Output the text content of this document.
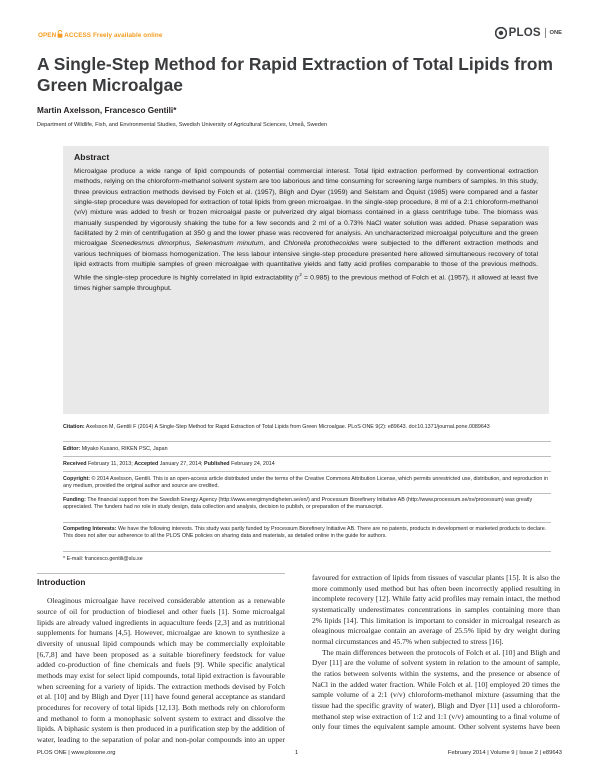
OPEN ACCESS Freely available online	PLOS ONE
A Single-Step Method for Rapid Extraction of Total Lipids from Green Microalgae
Martin Axelsson, Francesco Gentili*
Department of Wildlife, Fish, and Environmental Studies, Swedish University of Agricultural Sciences, Umeå, Sweden
Abstract

Microalgae produce a wide range of lipid compounds of potential commercial interest. Total lipid extraction performed by conventional extraction methods, relying on the chloroform-methanol solvent system are too laborious and time consuming for screening large numbers of samples. In this study, three previous extraction methods devised by Folch et al. (1957), Bligh and Dyer (1959) and Selstam and Öquist (1985) were compared and a faster single-step procedure was developed for extraction of total lipids from green microalgae. In the single-step procedure, 8 ml of a 2:1 chloroform-methanol (v/v) mixture was added to fresh or frozen microalgal paste or pulverized dry algal biomass contained in a glass centrifuge tube. The biomass was manually suspended by vigorously shaking the tube for a few seconds and 2 ml of a 0.73% NaCl water solution was added. Phase separation was facilitated by 2 min of centrifugation at 350 g and the lower phase was recovered for analysis. An uncharacterized microalgal polyculture and the green microalgae Scenedesmus dimorphus, Selenastrum minutum, and Chlorella protothecoides were subjected to the different extraction methods and various techniques of biomass homogenization. The less labour intensive single-step procedure presented here allowed simultaneous recovery of total lipid extracts from multiple samples of green microalgae with quantitative yields and fatty acid profiles comparable to those of the previous methods. While the single-step procedure is highly correlated in lipid extractability $(r^2 = 0.985)$ to the previous method of Folch et al. (1957), it allowed at least five times higher sample throughput.

Citation: Axelsson M, Gentili F (2014) A Single-Step Method for Rapid Extraction of Total Lipids from Green Microalgae. PLoS ONE 9(2): e89643. doi:10.1371/journal.pone.0089643

Editor: Miyako Kusano, RIKEN PSC, Japan

Received February 11, 2013; Accepted January 27, 2014; Published February 24, 2014

Copyright: © 2014 Axelsson, Gentili. This is an open-access article distributed under the terms of the Creative Commons Attribution License, which permits unrestricted use, distribution, and reproduction in any medium, provided the original author and source are credited.

Funding: The financial support from the Swedish Energy Agency (http://www.energimyndigheten.se/en/) and Processum Biorefinery Initiative AB (http://www.processum.se/sv/processum) was greatly appreciated. The funders had no role in study design, data collection and analysis, decision to publish, or preparation of the manuscript.

Competing Interests: We have the following interests. This study was partly funded by Processum Biorefinery Initiative AB. There are no patents, products in development or marketed products to declare. This does not alter our adherence to all the PLOS ONE policies on sharing data and materials, as detailed online in the guide for authors.

* E-mail: francesco.gentili@slu.se

Introduction

Oleaginous microalgae have received considerable attention as a renewable source of oil for production of biodiesel and other fuels [1]. Some microalgal lipids are already valued ingredients in aquaculture feeds [2,3] and as nutritional supplements for humans [4,5]. However, microalgae are known to synthesize a diversity of unusual lipid compounds which may be commercially exploitable [6,7,8] and have been proposed as a suitable biorefinery feedstock for value added co-production of fine chemicals and fuels [9]. While specific analytical methods may exist for select lipid compounds, total lipid extraction is favourable when screening for a variety of lipids. The extraction methods devised by Folch et al. [10] and by Bligh and Dyer [11] have found general acceptance as standard procedures for recovery of total lipids [12,13]. Both methods rely on chloroform and methanol to form a monophasic solvent system to extract and dissolve the lipids. A biphasic system is then produced in a purification step by the addition of water, leading to the separation of polar and non-polar compounds into an upper

favoured for extraction of lipids from tissues of vascular plants [15]. It is also the more commonly used method but has often been incorrectly applied resulting in incomplete recovery [12]. While fatty acid profiles may remain intact, the method systematically underestimates concentrations in samples containing more than 2% lipids [14]. This limitation is important to consider in microalgal research as oleaginous microalgae contain an average of 25.5% lipid by dry weight during normal circumstances and 45.7% when subjected to stress [16].

The main differences between the protocols of Folch et al. [10] and Bligh and Dyer [11] are the volume of solvent system in relation to the amount of sample, the ratios between solvents within the systems, and the presence or absence of NaCl in the added water fraction. While Folch et al. [10] employed 20 times the sample volume of a 2:1 (v/v) chloroform-methanol mixture (assuming that the tissue had the specific gravity of water), Bligh and Dyer [11] used a chloroform-methanol step wise extraction of 1:2 and 1:1 (v/v) amounting to a final volume of only four times the equivalent sample amount. Other solvent systems have been

PLOS ONE | www.plosone.org	1	February 2014 | Volume 9 | Issue 2 | e89643
